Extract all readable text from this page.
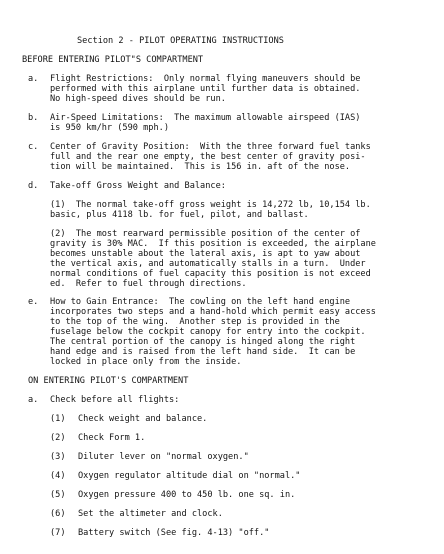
Section 2 - PILOT OPERATING INSTRUCTIONS
BEFORE ENTERING PILOT"S COMPARTMENT
a. Flight Restrictions:  Only normal flying maneuvers should be
performed with this airplane until further data is obtained.
No high-speed dives should be run.
b. Air-Speed Limitations:  The maximum allowable airspeed (IAS)
is 950 km/hr (590 mph.)
c. Center of Gravity Position:  With the three forward fuel tanks
full and the rear one empty, the best center of gravity posi-
tion will be maintained.  This is 156 in. aft of the nose.
d. Take-off Gross Weight and Balance:
(1)  The normal take-off gross weight is 14,272 lb, 10,154 lb.
basic, plus 4118 lb. for fuel, pilot, and ballast.
(2)  The most rearward permissible position of the center of
gravity is 30% MAC.  If this position is exceeded, the airplane
becomes unstable about the lateral axis, is apt to yaw about
the vertical axis, and automatically stalls in a turn.  Under
normal conditions of fuel capacity this position is not exceed
ed.  Refer to fuel through directions.
e. How to Gain Entrance:  The cowling on the left hand engine
incorporates two steps and a hand-hold which permit easy access
to the top of the wing.  Another step is provided in the
fuselage below the cockpit canopy for entry into the cockpit.
The central portion of the canopy is hinged along the right
hand edge and is raised from the left hand side.  It can be
locked in place only from the inside.
ON ENTERING PILOT'S COMPARTMENT
a. Check before all flights:
(1) Check weight and balance.
(2) Check Form 1.
(3) Diluter lever on "normal oxygen."
(4) Oxygen regulator altitude dial on "normal."
(5) Oxygen pressure 400 to 450 lb. one sq. in.
(6) Set the altimeter and clock.
(7) Battery switch (See fig. 4-13) "off."
